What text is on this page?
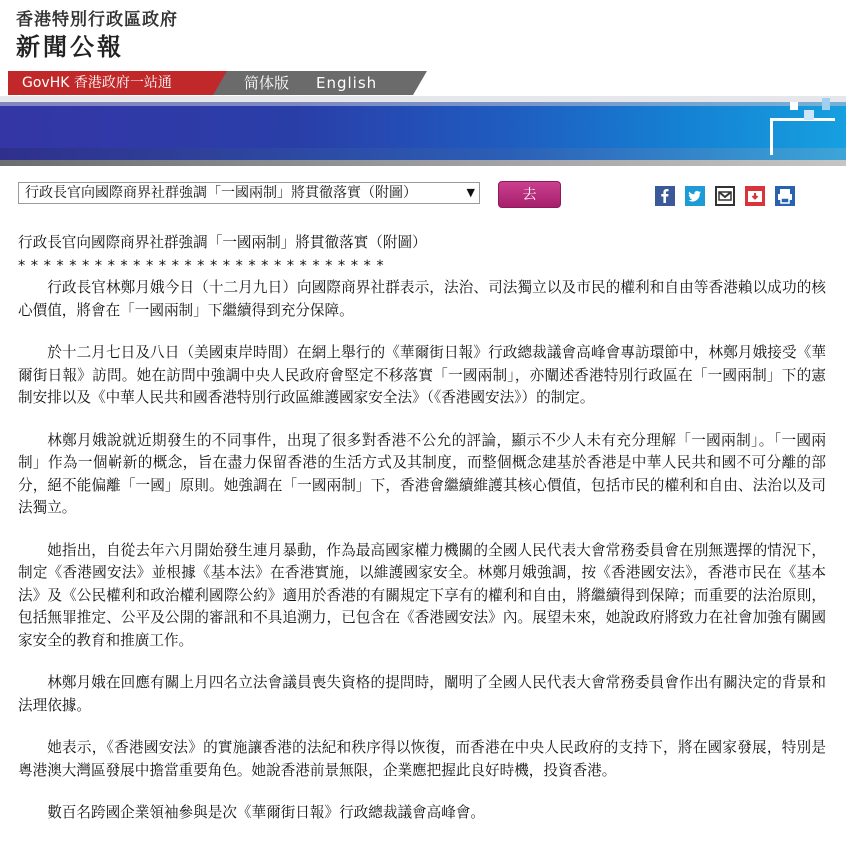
香港特別行政區政府
新聞公報
GovHK 香港政府一站通	简体版 English
行政長官向國際商界社群強調「一國兩制」將貫徹落實（附圖）	▼	去

行政長官向國際商界社群強調「一國兩制」將貫徹落實（附圖）

*****************************

行政長官林鄭月娥今日（十二月九日）向國際商界社群表示，法治、司法獨立以及市民的權利和自由等香港賴以成功的核心價值，將會在「一國兩制」下繼續得到充分保障。

於十二月七日及八日（美國東岸時間）在網上舉行的《華爾街日報》行政總裁議會高峰會專訪環節中，林鄭月娥接受《華爾街日報》訪問。她在訪問中強調中央人民政府會堅定不移落實「一國兩制」，亦闡述香港特別行政區在「一國兩制」下的憲制安排以及《中華人民共和國香港特別行政區維護國家安全法》（《香港國安法》）的制定。

林鄭月娥說就近期發生的不同事件，出現了很多對香港不公允的評論，顯示不少人未有充分理解「一國兩制」。「一國兩制」作為一個嶄新的概念，旨在盡力保留香港的生活方式及其制度，而整個概念建基於香港是中華人民共和國不可分離的部分，絕不能偏離「一國」原則。她強調在「一國兩制」下，香港會繼續維護其核心價值，包括市民的權利和自由、法治以及司法獨立。

她指出，自從去年六月開始發生連月暴動，作為最高國家權力機關的全國人民代表大會常務委員會在別無選擇的情況下，制定《香港國安法》並根據《基本法》在香港實施，以維護國家安全。林鄭月娥強調，按《香港國安法》，香港市民在《基本法》及《公民權利和政治權利國際公約》適用於香港的有關規定下享有的權利和自由，將繼續得到保障；而重要的法治原則，包括無罪推定、公平及公開的審訊和不具追溯力，已包含在《香港國安法》內。展望未來，她說政府將致力在社會加強有關國家安全的教育和推廣工作。

林鄭月娥在回應有關上月四名立法會議員喪失資格的提問時，闡明了全國人民代表大會常務委員會作出有關決定的背景和法理依據。

她表示，《香港國安法》的實施讓香港的法紀和秩序得以恢復，而香港在中央人民政府的支持下，將在國家發展，特別是粵港澳大灣區發展中擔當重要角色。她說香港前景無限，企業應把握此良好時機，投資香港。

數百名跨國企業領袖參與是次《華爾街日報》行政總裁議會高峰會。
